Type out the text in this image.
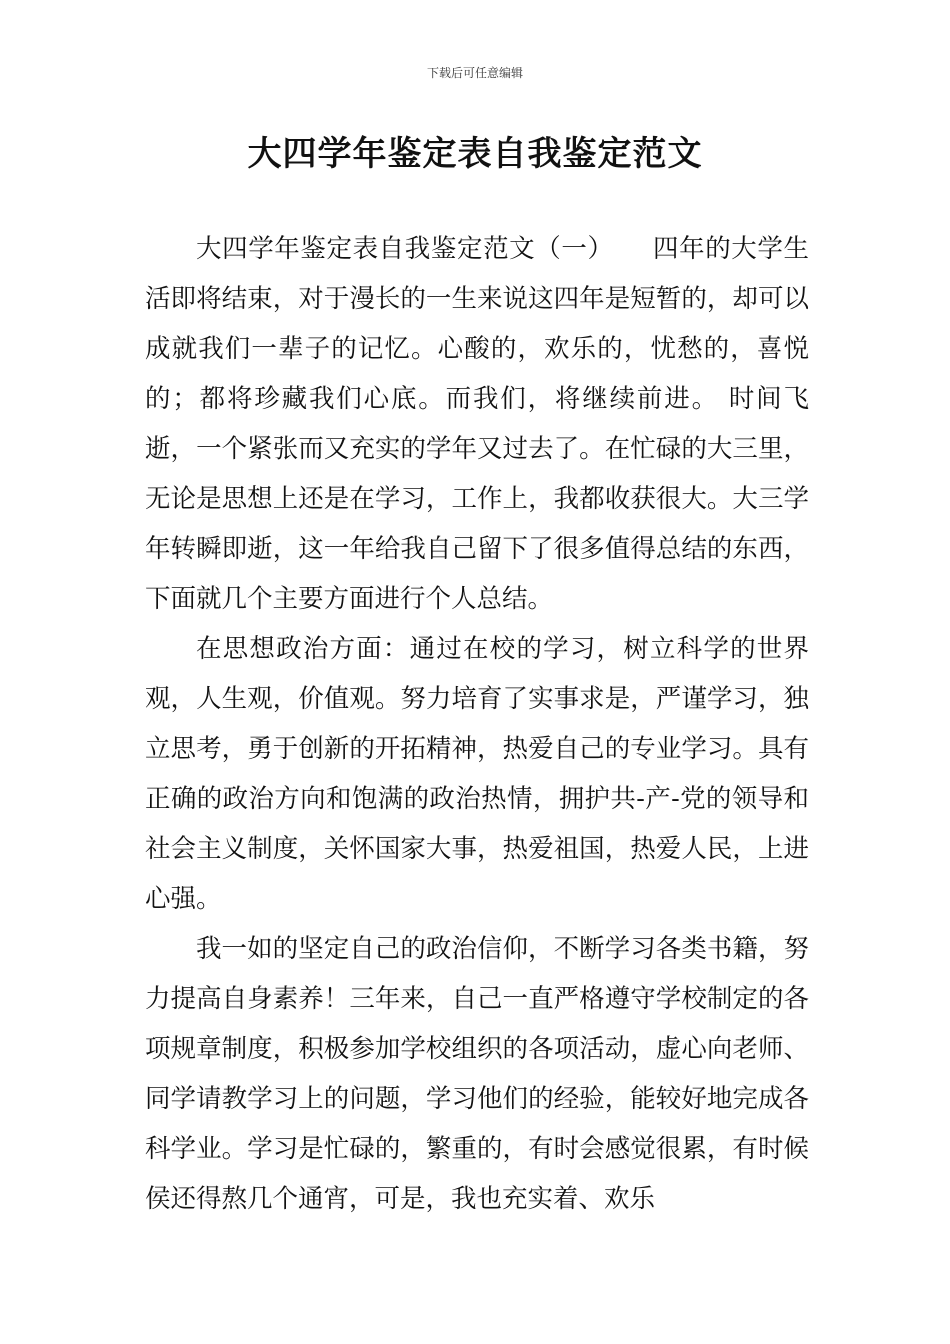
下载后可任意编辑
大四学年鉴定表自我鉴定范文

大四学年鉴定表自我鉴定范文（一）　　四年的大学生活即将结束，对于漫长的一生来说这四年是短暂的，却可以成就我们一辈子的记忆。心酸的，欢乐的，忧愁的，喜悦的；都将珍藏我们心底。而我们，将继续前进。 时间飞逝，一个紧张而又充实的学年又过去了。在忙碌的大三里，无论是思想上还是在学习，工作上，我都收获很大。大三学年转瞬即逝，这一年给我自己留下了很多值得总结的东西，下面就几个主要方面进行个人总结。

在思想政治方面：通过在校的学习，树立科学的世界观，人生观，价值观。努力培育了实事求是，严谨学习，独立思考，勇于创新的开拓精神，热爱自己的专业学习。具有正确的政治方向和饱满的政治热情，拥护共-产-党的领导和社会主义制度，关怀国家大事，热爱祖国，热爱人民，上进心强。

我一如的坚定自己的政治信仰，不断学习各类书籍，努力提高自身素养！三年来，自己一直严格遵守学校制定的各项规章制度，积极参加学校组织的各项活动，虚心向老师、同学请教学习上的问题，学习他们的经验，能较好地完成各科学业。学习是忙碌的，繁重的，有时会感觉很累，有时候侯还得熬几个通宵，可是，我也充实着、欢乐
